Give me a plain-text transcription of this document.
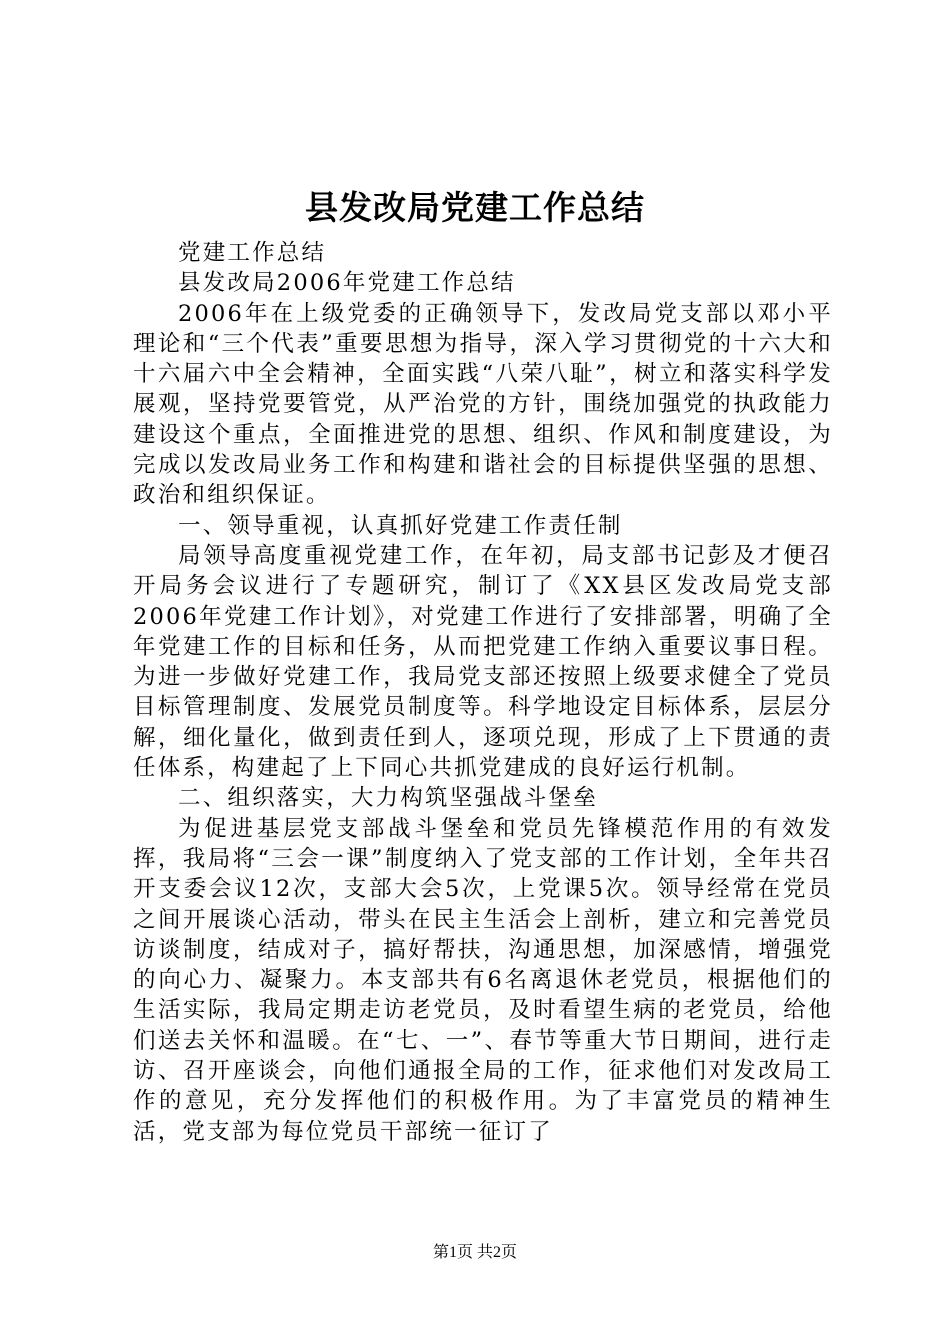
县发改局党建工作总结

党建工作总结

县发改局2006年党建工作总结

2006年在上级党委的正确领导下，发改局党支部以邓小平理论和“三个代表”重要思想为指导，深入学习贯彻党的十六大和十六届六中全会精神，全面实践“八荣八耻”，树立和落实科学发展观，坚持党要管党，从严治党的方针，围绕加强党的执政能力建设这个重点，全面推进党的思想、组织、作风和制度建设，为完成以发改局业务工作和构建和谐社会的目标提供坚强的思想、政治和组织保证。

一、领导重视，认真抓好党建工作责任制

局领导高度重视党建工作，在年初，局支部书记彭及才便召开局务会议进行了专题研究，制订了《XX县区发改局党支部2006年党建工作计划》，对党建工作进行了安排部署，明确了全年党建工作的目标和任务，从而把党建工作纳入重要议事日程。为进一步做好党建工作，我局党支部还按照上级要求健全了党员目标管理制度、发展党员制度等。科学地设定目标体系，层层分解，细化量化，做到责任到人，逐项兑现，形成了上下贯通的责任体系，构建起了上下同心共抓党建成的良好运行机制。

二、组织落实，大力构筑坚强战斗堡垒

为促进基层党支部战斗堡垒和党员先锋模范作用的有效发挥，我局将“三会一课”制度纳入了党支部的工作计划，全年共召开支委会议12次，支部大会5次，上党课5次。领导经常在党员之间开展谈心活动，带头在民主生活会上剖析，建立和完善党员访谈制度，结成对子，搞好帮扶，沟通思想，加深感情，增强党的向心力、凝聚力。本支部共有6名离退休老党员，根据他们的生活实际，我局定期走访老党员，及时看望生病的老党员，给他们送去关怀和温暖。在“七、一”、春节等重大节日期间，进行走访、召开座谈会，向他们通报全局的工作，征求他们对发改局工作的意见，充分发挥他们的积极作用。为了丰富党员的精神生活，党支部为每位党员干部统一征订了

第1页 共2页
